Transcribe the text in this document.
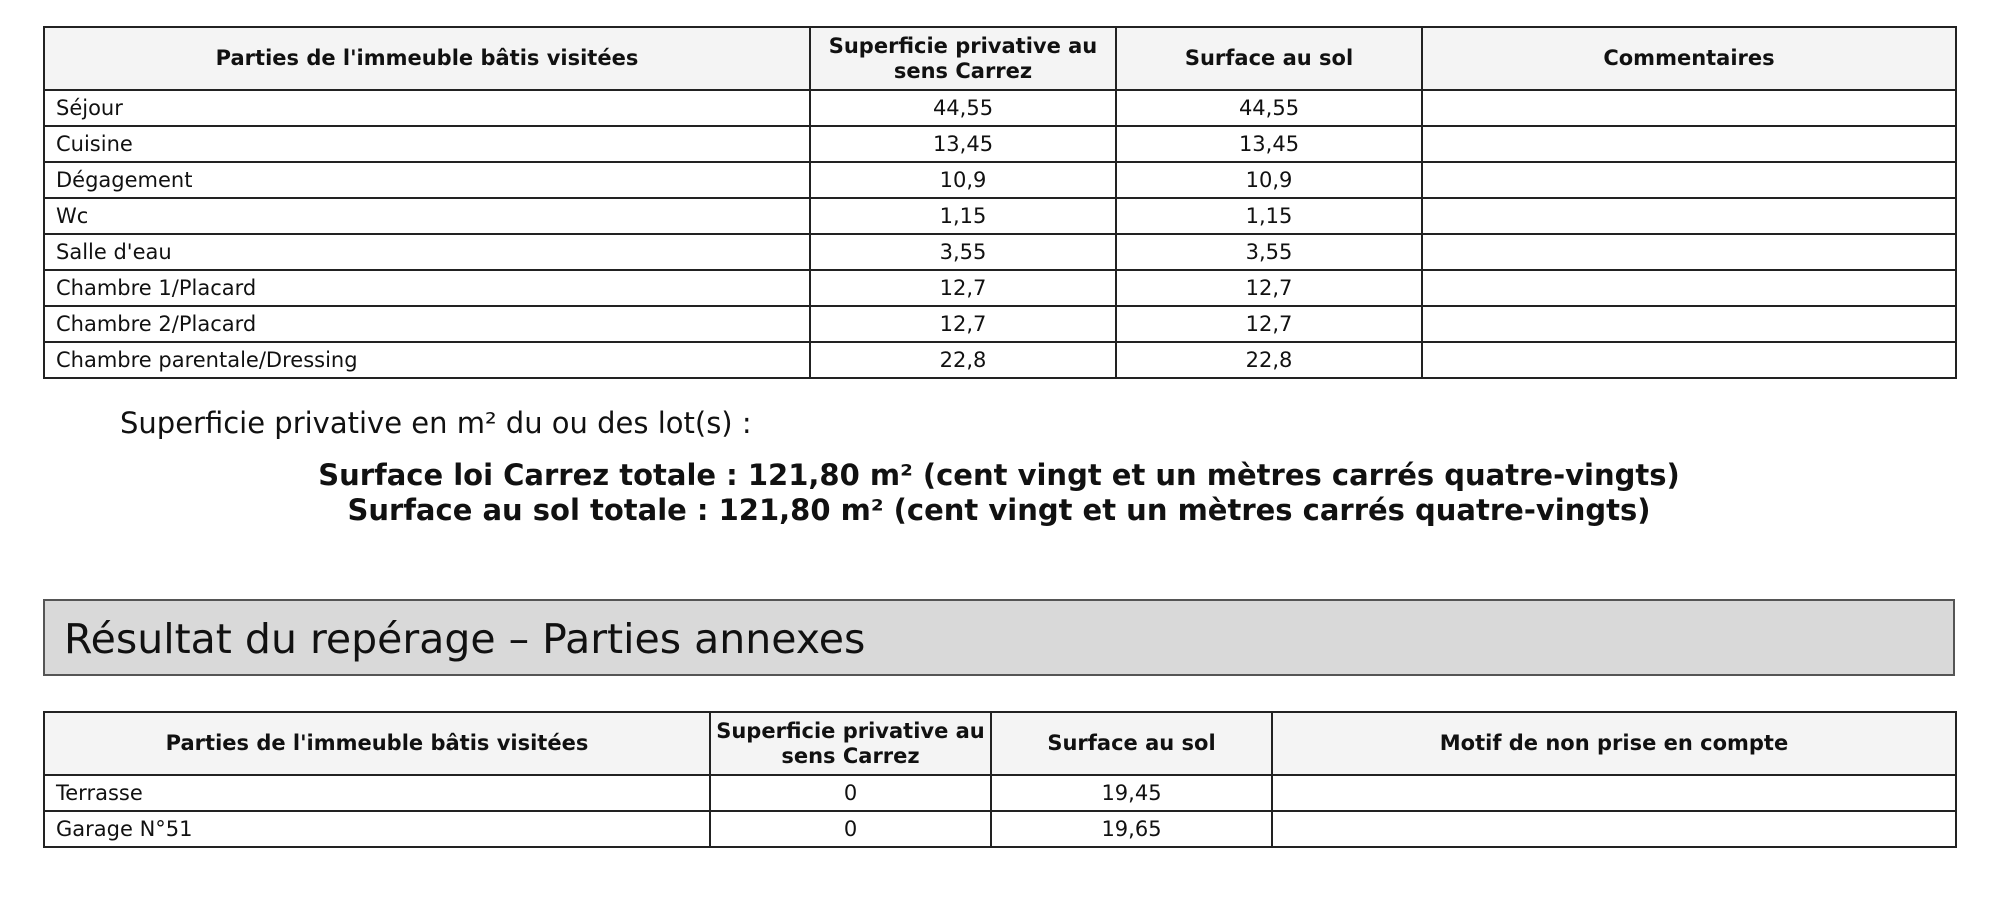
Parties de l'immeuble bâtis visitées	Superficie privative au sens Carrez	Surface au sol	Commentaires
Séjour	44,55	44,55	
Cuisine	13,45	13,45	
Dégagement	10,9	10,9	
Wc	1,15	1,15	
Salle d'eau	3,55	3,55	
Chambre 1/Placard	12,7	12,7	
Chambre 2/Placard	12,7	12,7	
Chambre parentale/Dressing	22,8	22,8	
Superficie privative en m² du ou des lot(s) :
Surface loi Carrez totale : 121,80 m² (cent vingt et un mètres carrés quatre-vingts)
Surface au sol totale : 121,80 m² (cent vingt et un mètres carrés quatre-vingts)
Résultat du repérage – Parties annexes
Parties de l'immeuble bâtis visitées	Superficie privative au sens Carrez	Surface au sol	Motif de non prise en compte
Terrasse	0	19,45	
Garage N°51	0	19,65	
